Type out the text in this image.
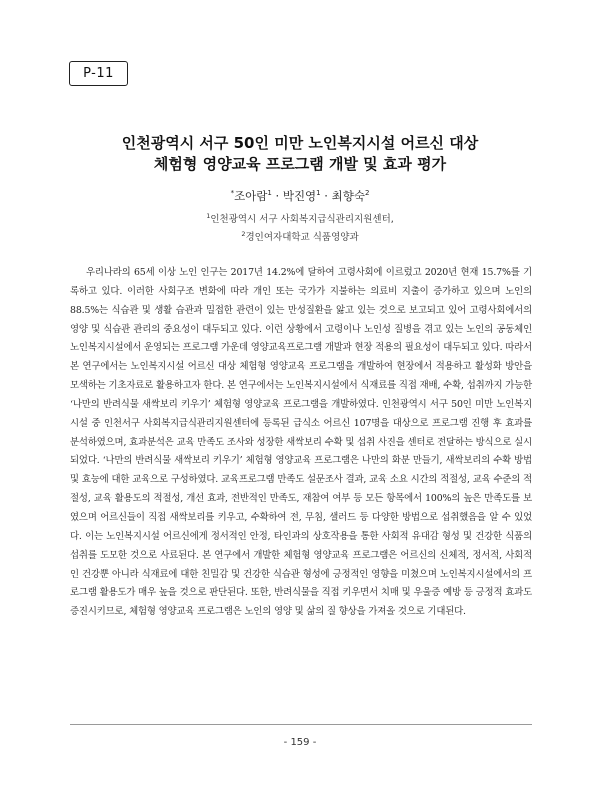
P-11
인천광역시 서구 50인 미만 노인복지시설 어르신 대상
체험형 영양교육 프로그램 개발 및 효과 평가
*조아람$^1$ · 박진영$^1$ · 최향숙$^2$
$^1$인천광역시 서구 사회복지급식관리지원센터,
$^2$경인여자대학교 식품영양과

우리나라의 65세 이상 노인 인구는 2017년 14.2%에 달하여 고령사회에 이르렀고 2020년 현재 15.7%를 기록하고 있다. 이러한 사회구조 변화에 따라 개인 또는 국가가 지불하는 의료비 지출이 증가하고 있으며 노인의 88.5%는 식습관 및 생활 습관과 밀접한 관련이 있는 만성질환을 앓고 있는 것으로 보고되고 있어 고령사회에서의 영양 및 식습관 관리의 중요성이 대두되고 있다. 이런 상황에서 고령이나 노인성 질병을 겪고 있는 노인의 공동체인 노인복지시설에서 운영되는 프로그램 가운데 영양교육프로그램 개발과 현장 적용의 필요성이 대두되고 있다. 따라서 본 연구에서는 노인복지시설 어르신 대상 체험형 영양교육 프로그램을 개발하여 현장에서 적용하고 활성화 방안을 모색하는 기초자료로 활용하고자 한다. 본 연구에서는 노인복지시설에서 식재료를 직접 재배, 수확, 섭취까지 가능한 ‘나만의 반려식물 새싹보리 키우기’ 체험형 영양교육 프로그램을 개발하였다. 인천광역시 서구 50인 미만 노인복지시설 중 인천서구 사회복지급식관리지원센터에 등록된 급식소 어르신 107명을 대상으로 프로그램 진행 후 효과를 분석하였으며, 효과분석은 교육 만족도 조사와 성장한 새싹보리 수확 및 섭취 사진을 센터로 전달하는 방식으로 실시되었다. ‘나만의 반려식물 새싹보리 키우기’ 체험형 영양교육 프로그램은 나만의 화분 만들기, 새싹보리의 수확 방법 및 효능에 대한 교육으로 구성하였다. 교육프로그램 만족도 설문조사 결과, 교육 소요 시간의 적절성, 교육 수준의 적절성, 교육 활용도의 적절성, 개선 효과, 전반적인 만족도, 재참여 여부 등 모든 항목에서 100%의 높은 만족도를 보였으며 어르신들이 직접 새싹보리를 키우고, 수확하여 전, 무침, 샐러드 등 다양한 방법으로 섭취했음을 알 수 있었다. 이는 노인복지시설 어르신에게 정서적인 안정, 타인과의 상호작용을 통한 사회적 유대감 형성 및 건강한 식품의 섭취를 도모한 것으로 사료된다. 본 연구에서 개발한 체험형 영양교육 프로그램은 어르신의 신체적, 정서적, 사회적인 건강뿐 아니라 식재료에 대한 친밀감 및 건강한 식습관 형성에 긍정적인 영향을 미쳤으며 노인복지시설에서의 프로그램 활용도가 매우 높을 것으로 판단된다. 또한, 반려식물을 직접 키우면서 치매 및 우울증 예방 등 긍정적 효과도 증진시키므로, 체험형 영양교육 프로그램은 노인의 영양 및 삶의 질 향상을 가져올 것으로 기대된다.

- 159 -
